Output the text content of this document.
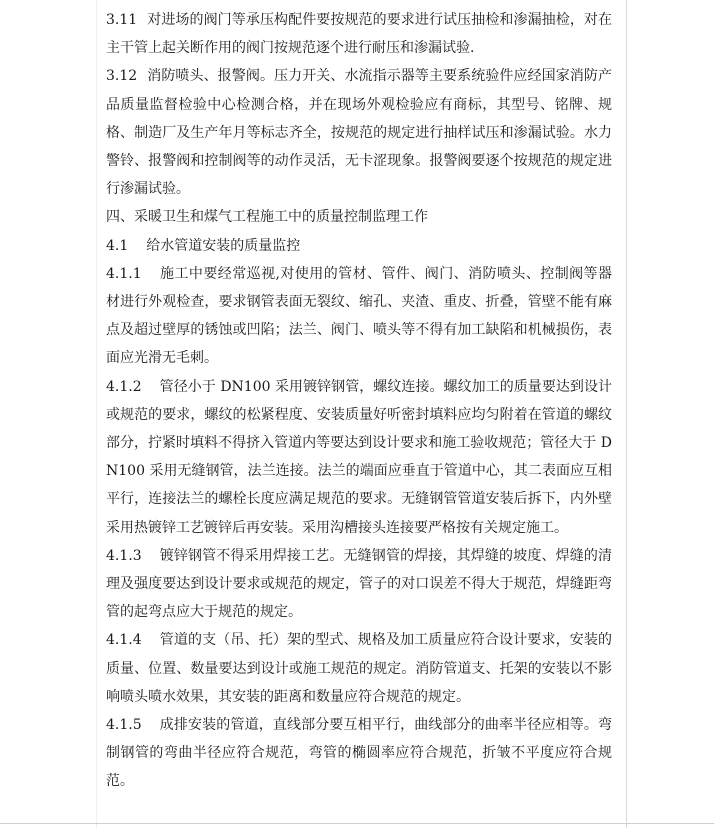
3.11 对进场的阀门等承压构配件要按规范的要求进行试压抽检和渗漏抽检，对在主干管上起关断作用的阀门按规范逐个进行耐压和渗漏试验.

3.12 消防喷头、报警阀。压力开关、水流指示器等主要系统验件应经国家消防产品质量监督检验中心检测合格，并在现场外观检验应有商标，其型号、铭牌、规格、制造厂及生产年月等标志齐全，按规范的规定进行抽样试压和渗漏试验。水力警铃、报警阀和控制阀等的动作灵活，无卡涩现象。报警阀要逐个按规范的规定进行渗漏试验。

四、采暖卫生和煤气工程施工中的质量控制监理工作

4.1 给水管道安装的质量监控

4.1.1 施工中要经常巡视,对使用的管材、管件、阀门、消防喷头、控制阀等器材进行外观检查，要求钢管表面无裂纹、缩孔、夹渣、重皮、折叠，管壁不能有麻点及超过壁厚的锈蚀或凹陷；法兰、阀门、喷头等不得有加工缺陷和机械损伤，表面应光滑无毛刺。

4.1.2 管径小于 DN100 采用镀锌钢管，螺纹连接。螺纹加工的质量要达到设计或规范的要求，螺纹的松紧程度、安装质量好听密封填料应均匀附着在管道的螺纹部分，拧紧时填料不得挤入管道内等要达到设计要求和施工验收规范；管径大于 DN100 采用无缝钢管，法兰连接。法兰的端面应垂直于管道中心，其二表面应互相平行，连接法兰的螺栓长度应满足规范的要求。无缝钢管管道安装后拆下，内外壁采用热镀锌工艺镀锌后再安装。采用沟槽接头连接要严格按有关规定施工。

4.1.3 镀锌钢管不得采用焊接工艺。无缝钢管的焊接，其焊缝的坡度、焊缝的清理及强度要达到设计要求或规范的规定，管子的对口误差不得大于规范，焊缝距弯管的起弯点应大于规范的规定。

4.1.4 管道的支（吊、托）架的型式、规格及加工质量应符合设计要求，安装的质量、位置、数量要达到设计或施工规范的规定。消防管道支、托架的安装以不影响喷头喷水效果，其安装的距离和数量应符合规范的规定。

4.1.5 成排安装的管道，直线部分要互相平行，曲线部分的曲率半径应相等。弯制钢管的弯曲半径应符合规范，弯管的椭圆率应符合规范，折皱不平度应符合规范。
